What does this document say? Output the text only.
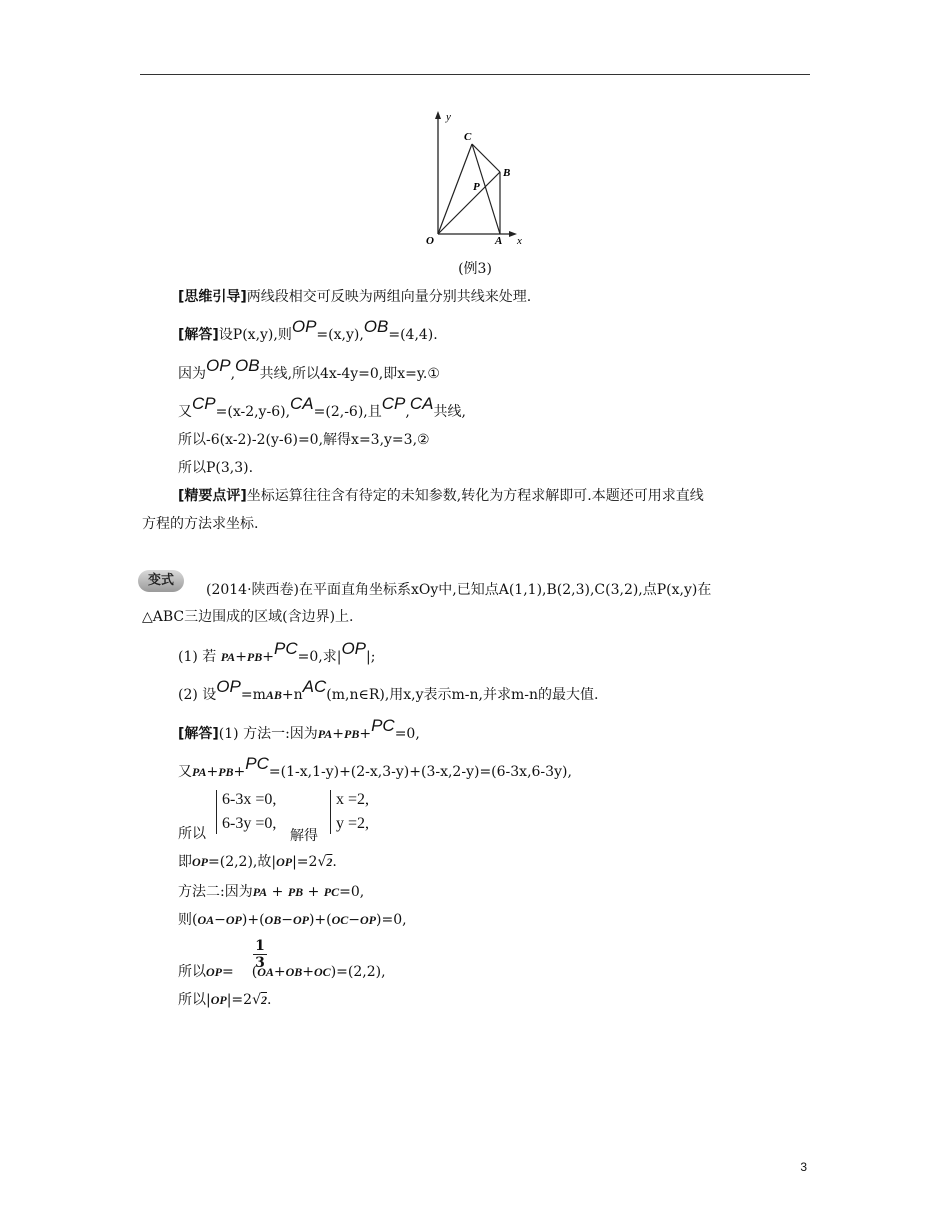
y
x
O	A
B
C
P
(例3)
[思维引导]两线段相交可反映为两组向量分别共线来处理.
[解答]设P(x,y),则OP=(x,y),OB=(4,4).
因为OP,OB共线,所以4x-4y=0,即x=y.①
又CP=(x-2,y-6),CA=(2,-6),且CP,CA共线,
所以-6(x-2)-2(y-6)=0,解得x=3,y=3,②
所以P(3,3).
[精要点评]坐标运算往往含有待定的未知参数,转化为方程求解即可.本题还可用求直线
方程的方法求坐标.
变式
(2014·陕西卷)在平面直角坐标系xOy中,已知点A(1,1),B(2,3),C(3,2),点P(x,y)在
△ABC三边围成的区域(含边界)上.
(1) 若 PA+PB+PC=0,求|OP|;
(2) 设OP=mAB+nAC(m,n∈R),用x,y表示m-n,并求m-n的最大值.
[解答](1) 方法一:因为PA+PB+PC=0,
又PA+PB+PC=(1-x,1-y)+(2-x,3-y)+(3-x,2-y)=(6-3x,6-3y),
所以
6-3x =0,
6-3y =0,
解得
x =2,
y =2,
即OP=(2,2),故|OP|=2√2.
方法二:因为PA + PB + PC=0,
则(OA−OP)+(OB−OP)+(OC−OP)=0,
$\frac{1}{3}$
所以OP= (OA+OB+OC)=(2,2),
所以|OP|=2√2.
3
